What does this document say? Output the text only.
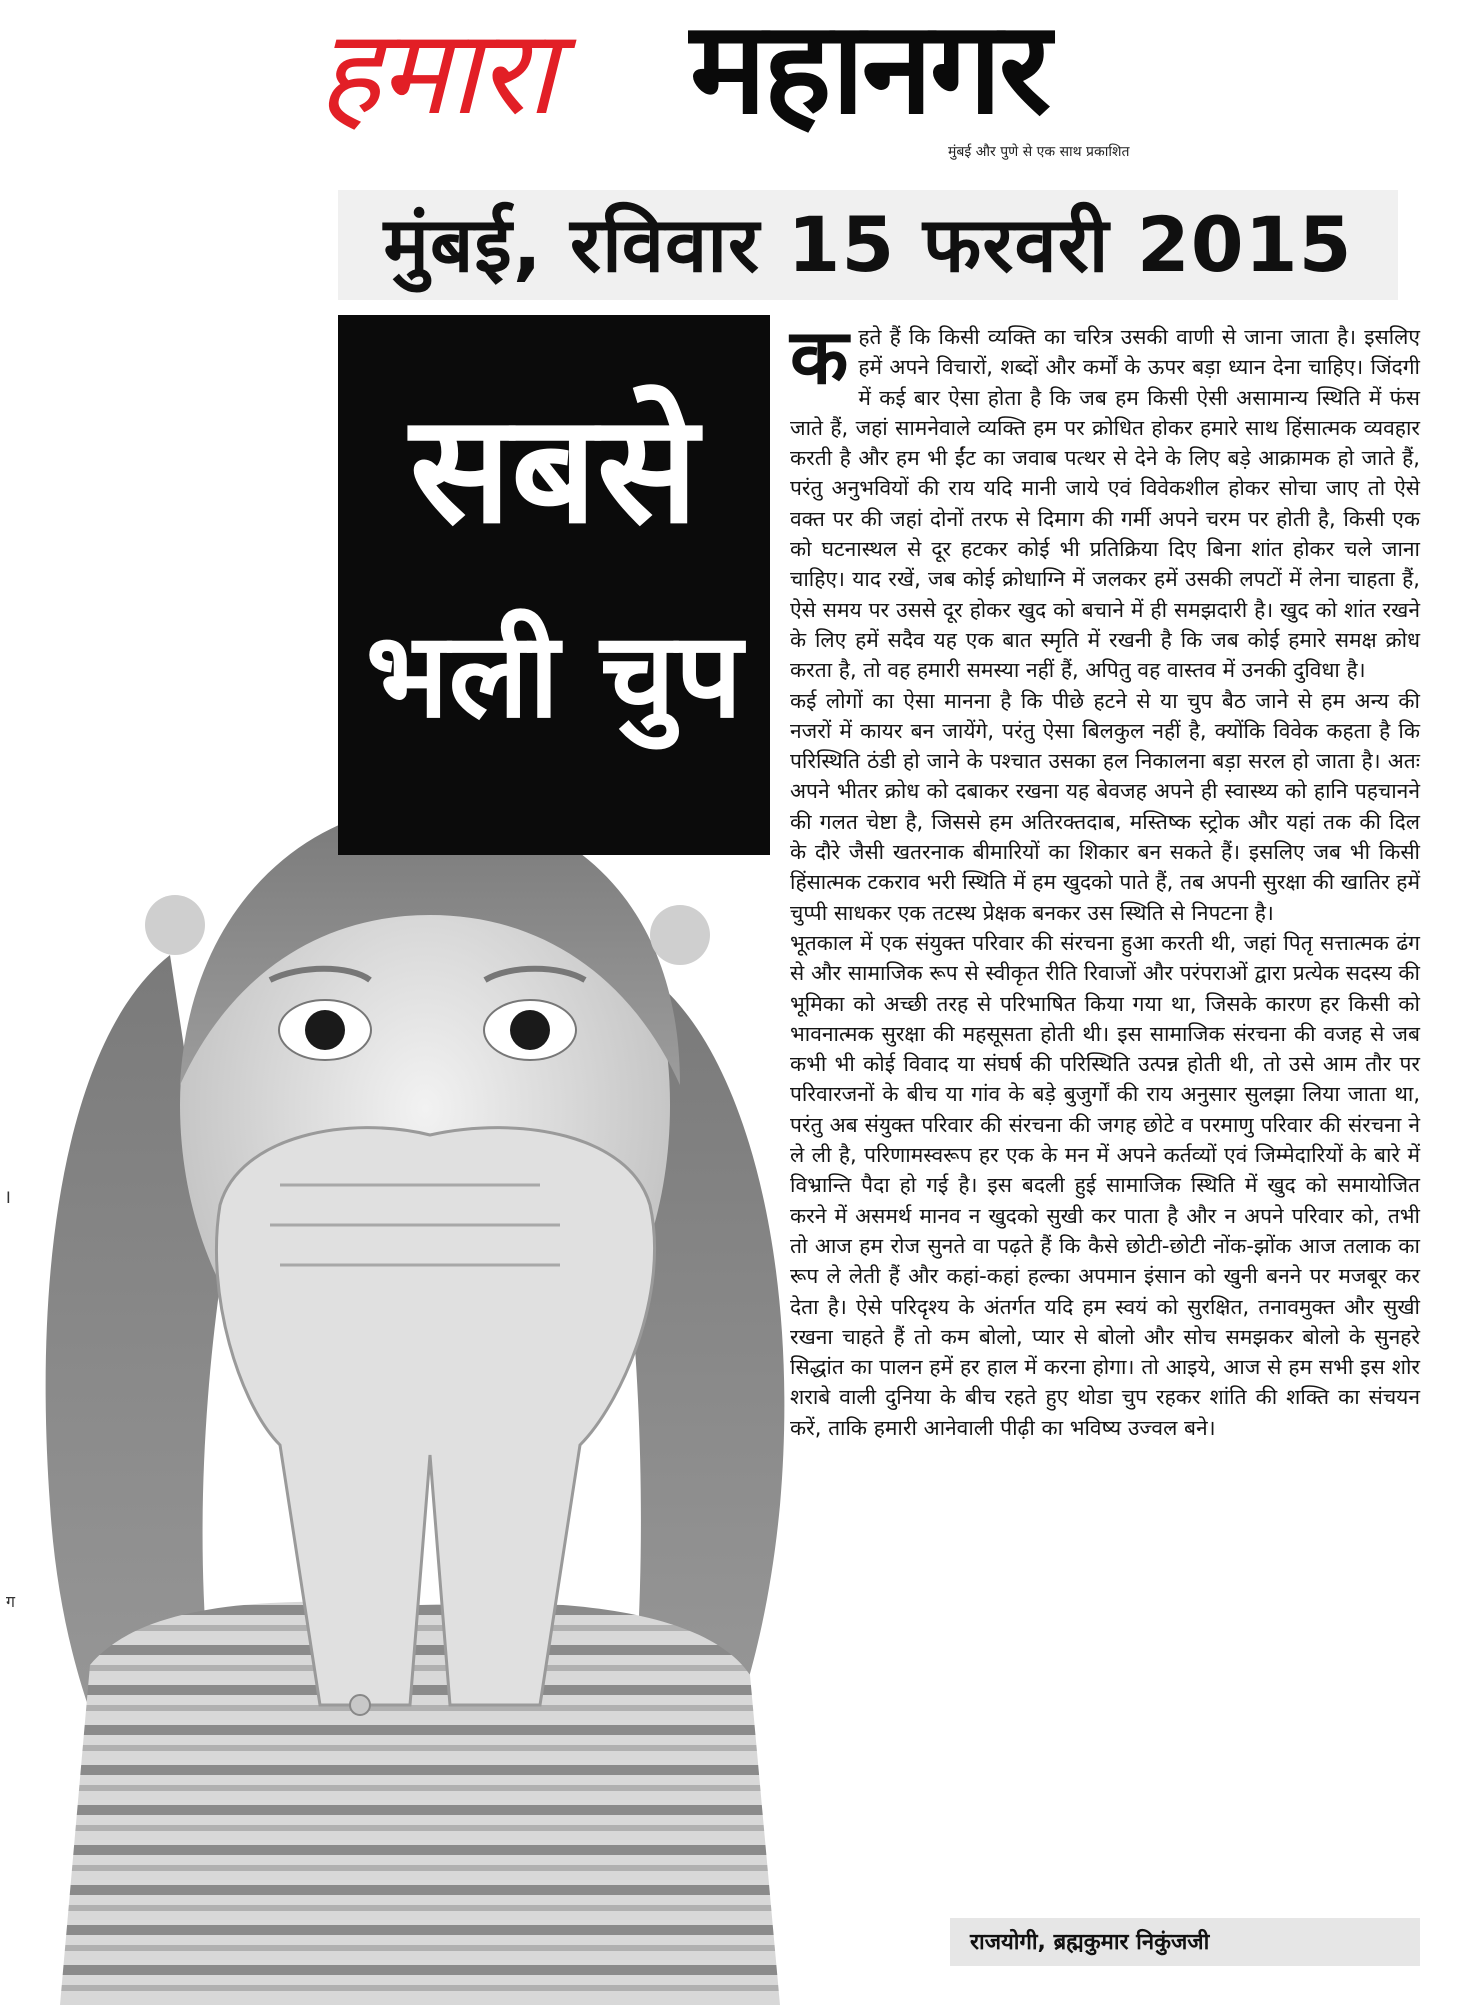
हमारा महानगर
मुंबई और पुणे से एक साथ प्रकाशित
मुंबई, रविवार 15 फरवरी 2015
सबसे
भली चुप

कहते हैं कि किसी व्यक्ति का चरित्र उसकी वाणी से जाना जाता है। इसलिए हमें अपने विचारों, शब्दों और कर्मों के ऊपर बड़ा ध्यान देना चाहिए। जिंदगी में कई बार ऐसा होता है कि जब हम किसी ऐसी असामान्य स्थिति में फंस जाते हैं, जहां सामनेवाले व्यक्ति हम पर क्रोधित होकर हमारे साथ हिंसात्मक व्यवहार करती है और हम भी ईंट का जवाब पत्थर से देने के लिए बड़े आक्रामक हो जाते हैं, परंतु अनुभवियों की राय यदि मानी जाये एवं विवेकशील होकर सोचा जाए तो ऐसे वक्त पर की जहां दोनों तरफ से दिमाग की गर्मी अपने चरम पर होती है, किसी एक को घटनास्थल से दूर हटकर कोई भी प्रतिक्रिया दिए बिना शांत होकर चले जाना चाहिए। याद रखें, जब कोई क्रोधाग्नि में जलकर हमें उसकी लपटों में लेना चाहता हैं, ऐसे समय पर उससे दूर होकर खुद को बचाने में ही समझदारी है। खुद को शांत रखने के लिए हमें सदैव यह एक बात स्मृति में रखनी है कि जब कोई हमारे समक्ष क्रोध करता है, तो वह हमारी समस्या नहीं हैं, अपितु वह वास्तव में उनकी दुविधा है।

कई लोगों का ऐसा मानना है कि पीछे हटने से या चुप बैठ जाने से हम अन्य की नजरों में कायर बन जायेंगे, परंतु ऐसा बिलकुल नहीं है, क्योंकि विवेक कहता है कि परिस्थिति ठंडी हो जाने के पश्चात उसका हल निकालना बड़ा सरल हो जाता है। अतः अपने भीतर क्रोध को दबाकर रखना यह बेवजह अपने ही स्वास्थ्य को हानि पहचानने की गलत चेष्टा है, जिससे हम अतिरक्तदाब, मस्तिष्क स्ट्रोक और यहां तक की दिल के दौरे जैसी खतरनाक बीमारियों का शिकार बन सकते हैं। इसलिए जब भी किसी हिंसात्मक टकराव भरी स्थिति में हम खुदको पाते हैं, तब अपनी सुरक्षा की खातिर हमें चुप्पी साधकर एक तटस्थ प्रेक्षक बनकर उस स्थिति से निपटना है।

भूतकाल में एक संयुक्त परिवार की संरचना हुआ करती थी, जहां पितृ सत्तात्मक ढंग से और सामाजिक रूप से स्वीकृत रीति रिवाजों और परंपराओं द्वारा प्रत्येक सदस्य की भूमिका को अच्छी तरह से परिभाषित किया गया था, जिसके कारण हर किसी को भावनात्मक सुरक्षा की महसूसता होती थी। इस सामाजिक संरचना की वजह से जब कभी भी कोई विवाद या संघर्ष की परिस्थिति उत्पन्न होती थी, तो उसे आम तौर पर परिवारजनों के बीच या गांव के बड़े बुजुर्गों की राय अनुसार सुलझा लिया जाता था, परंतु अब संयुक्त परिवार की संरचना की जगह छोटे व परमाणु परिवार की संरचना ने ले ली है, परिणामस्वरूप हर एक के मन में अपने कर्तव्यों एवं जिम्मेदारियों के बारे में विभ्रान्ति पैदा हो गई है। इस बदली हुई सामाजिक स्थिति में खुद को समायोजित करने में असमर्थ मानव न खुदको सुखी कर पाता है और न अपने परिवार को, तभी तो आज हम रोज सुनते वा पढ़ते हैं कि कैसे छोटी-छोटी नोंक-झोंक आज तलाक का रूप ले लेती हैं और कहां-कहां हल्का अपमान इंसान को खुनी बनने पर मजबूर कर देता है। ऐसे परिदृश्य के अंतर्गत यदि हम स्वयं को सुरक्षित, तनावमुक्त और सुखी रखना चाहते हैं तो कम बोलो, प्यार से बोलो और सोच समझकर बोलो के सुनहरे सिद्धांत का पालन हमें हर हाल में करना होगा। तो आइये, आज से हम सभी इस शोर शराबे वाली दुनिया के बीच रहते हुए थोडा चुप रहकर शांति की शक्ति का संचयन करें, ताकि हमारी आनेवाली पीढ़ी का भविष्य उज्वल बने।

राजयोगी, ब्रह्मकुमार निकुंजजी
I
ग
